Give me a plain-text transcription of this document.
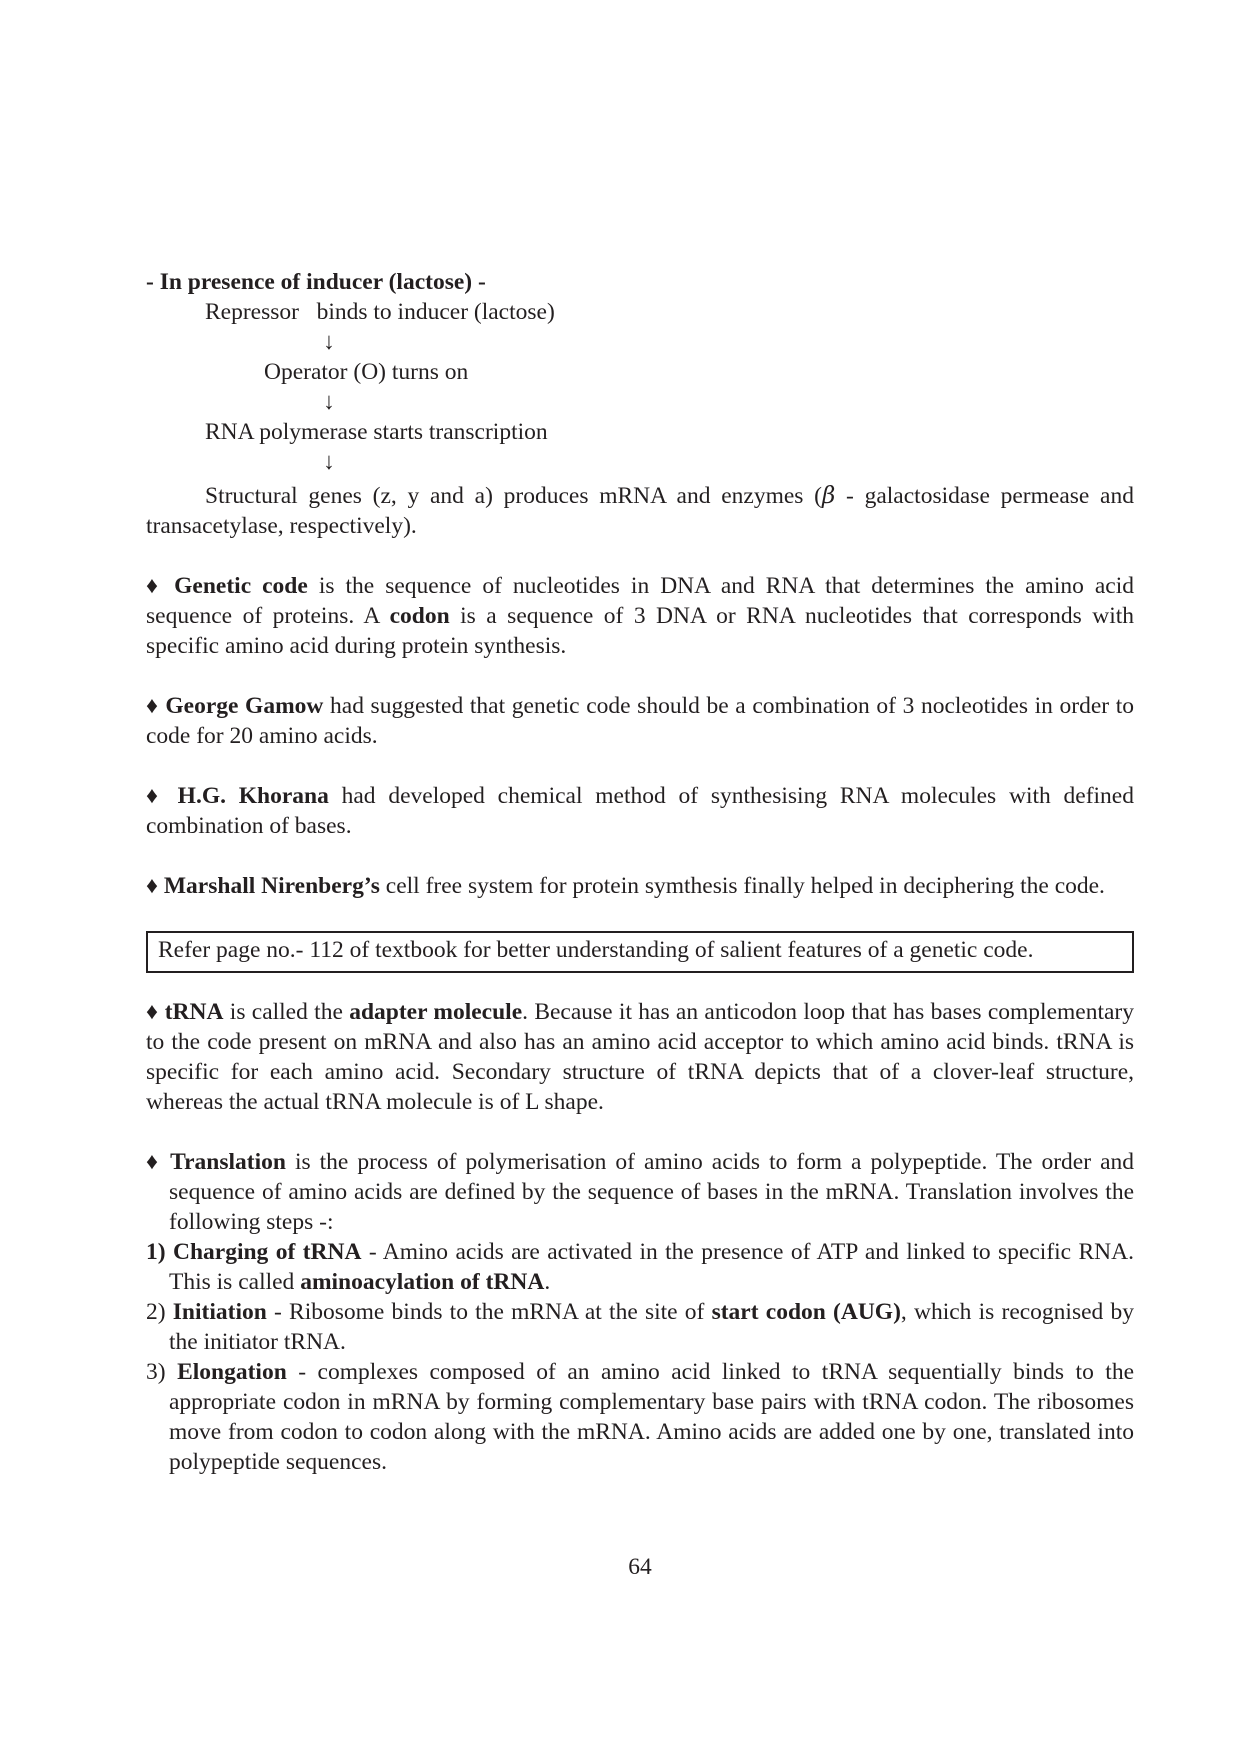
- In presence of inducer (lactose) -
Repressor   binds to inducer (lactose)
↓
Operator (O) turns on
↓
RNA polymerase starts transcription
↓

Structural genes (z, y and a) produces mRNA and enzymes (β - galactosidase permease and transacetylase, respectively).

♦ Genetic code is the sequence of nucleotides in DNA and RNA that determines the amino acid sequence of proteins. A codon is a sequence of 3 DNA or RNA nucleotides that corresponds with specific amino acid during protein synthesis.

♦ George Gamow had suggested that genetic code should be a combination of 3 nocleotides in order to code for 20 amino acids.

♦ H.G. Khorana had developed chemical method of synthesising RNA molecules with defined combination of bases.

♦ Marshall Nirenberg’s cell free system for protein symthesis finally helped in deciphering the code.

Refer page no.- 112 of textbook for better understanding of salient features of a genetic code.

♦ tRNA is called the adapter molecule. Because it has an anticodon loop that has bases complementary to the code present on mRNA and also has an amino acid acceptor to which amino acid binds. tRNA is specific for each amino acid. Secondary structure of tRNA depicts that of a clover-leaf structure, whereas the actual tRNA molecule is of L shape.

♦ Translation is the process of polymerisation of amino acids to form a polypeptide. The order and sequence of amino acids are defined by the sequence of bases in the mRNA. Translation involves the following steps -:

1) Charging of tRNA - Amino acids are activated in the presence of ATP and linked to specific RNA. This is called aminoacylation of tRNA.

2) Initiation - Ribosome binds to the mRNA at the site of start codon (AUG), which is recognised by the initiator tRNA.

3) Elongation - complexes composed of an amino acid linked to tRNA sequentially binds to the appropriate codon in mRNA by forming complementary base pairs with tRNA codon. The ribosomes move from codon to codon along with the mRNA. Amino acids are added one by one, translated into polypeptide sequences.

64
